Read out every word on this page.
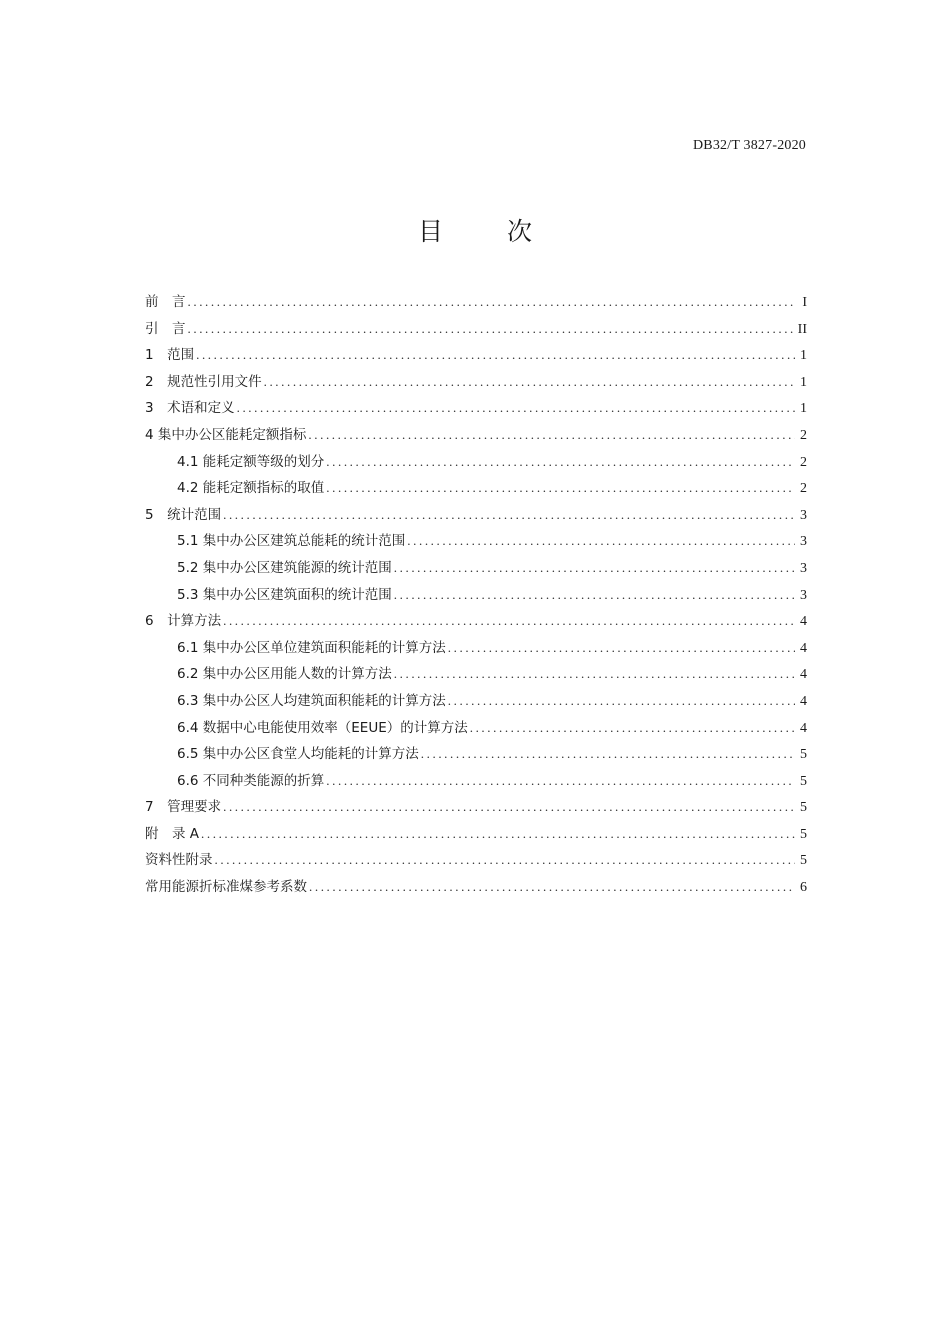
DB32/T 3827-2020
目 次
前　言 .....	I
引　言 .....	II
1　范围 .....	1
2　规范性引用文件 .....	1
3　术语和定义 .....	1
4 集中办公区能耗定额指标 .....	2
4.1 能耗定额等级的划分 .....	2
4.2 能耗定额指标的取值 .....	2
5　统计范围 .....	3
5.1 集中办公区建筑总能耗的统计范围 .....	3
5.2 集中办公区建筑能源的统计范围 .....	3
5.3 集中办公区建筑面积的统计范围 .....	3
6　计算方法 .....	4
6.1 集中办公区单位建筑面积能耗的计算方法 .....	4
6.2 集中办公区用能人数的计算方法 .....	4
6.3 集中办公区人均建筑面积能耗的计算方法 .....	4
6.4 数据中心电能使用效率（EEUE）的计算方法 .....	4
6.5 集中办公区食堂人均能耗的计算方法 .....	5
6.6 不同种类能源的折算 .....	5
7　管理要求 .....	5
附　录 A .....	5
资料性附录 .....	5
常用能源折标准煤参考系数 .....	6
